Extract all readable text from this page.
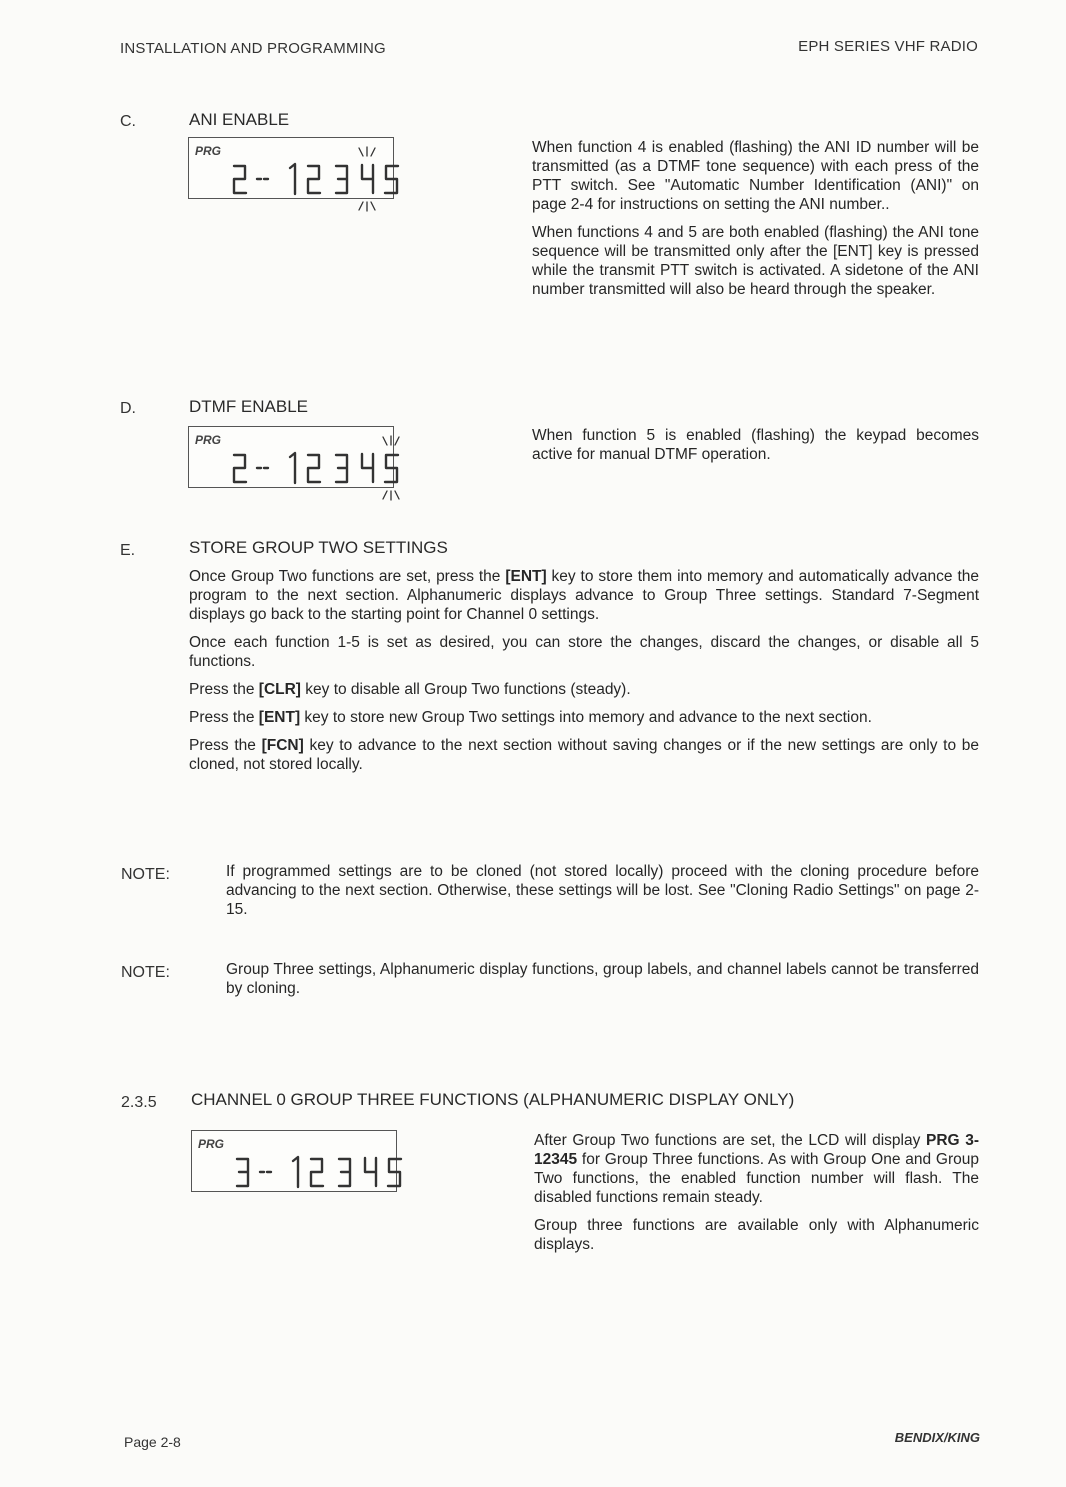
INSTALLATION AND PROGRAMMING	EPH SERIES VHF RADIO
C.	ANI ENABLE
PRG	When function 4 is enabled (flashing) the ANI ID number will be transmitted (as a DTMF tone sequence) with each press of the PTT switch. See "Automatic Number Identification (ANI)" on page 2-4 for instructions on setting the ANI number..

When functions 4 and 5 are both enabled (flashing) the ANI tone sequence will be transmitted only after the [ENT] key is pressed while the transmit PTT switch is activated. A sidetone of the ANI number transmitted will also be heard through the speaker.

D.	DTMF ENABLE
PRG	When function 5 is enabled (flashing) the keypad becomes active for manual DTMF operation.

E.	STORE GROUP TWO SETTINGS

Once Group Two functions are set, press the [ENT] key to store them into memory and automatically advance the program to the next section. Alphanumeric displays advance to Group Three settings. Standard 7-Segment displays go back to the starting point for Channel 0 settings.

Once each function 1-5 is set as desired, you can store the changes, discard the changes, or disable all 5 functions.

Press the [CLR] key to disable all Group Two functions (steady).

Press the [ENT] key to store new Group Two settings into memory and advance to the next section.

Press the [FCN] key to advance to the next section without saving changes or if the new settings are only to be cloned, not stored locally.

NOTE:	If programmed settings are to be cloned (not stored locally) proceed with the cloning procedure before advancing to the next section. Otherwise, these settings will be lost. See "Cloning Radio Settings" on page 2-15.
NOTE:	Group Three settings, Alphanumeric display functions, group labels, and channel labels cannot be transferred by cloning.
2.3.5 CHANNEL 0 GROUP THREE FUNCTIONS (ALPHANUMERIC DISPLAY ONLY)
PRG	After Group Two functions are set, the LCD will display PRG 3-12345 for Group Three functions. As with Group One and Group Two functions, the enabled function number will flash. The disabled functions remain steady.

Group three functions are available only with Alphanumeric displays.

Page 2-8	BENDIX/KING
